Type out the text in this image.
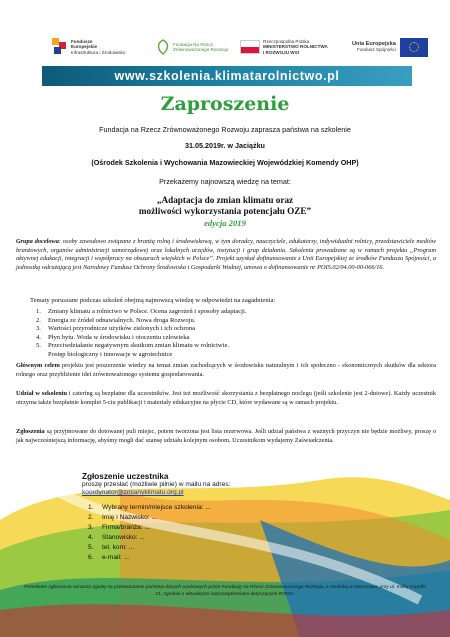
Fundusze
Europejskie
Infrastruktura i Środowisko
Fundacja Na Rzecz
Zrównoważonego Rozwoju
Rzeczpospolita Polska
MINISTERSTWO ROLNICTWA
I ROZWOJU WSI
Unia Europejska
Fundusz Spójności
www.szkolenia.klimatarolnictwo.pl
Zaproszenie
Fundacja na Rzecz Zrównoważonego Rozwoju zaprasza państwa na szkolenie
31.05.2019r. w Jaciążku
(Ośrodek Szkolenia i Wychowania Mazowieckiej Wojewódzkiej Komendy OHP)
Przekażemy najnowszą wiedzę na temat:
„Adaptacja do zmian klimatu oraz
możliwości wykorzystania potencjału OZE”
edycja 2019
Grupa docelowa: osoby zawodowo związane z branżą rolną i środowiskową, w tym doradcy, nauczyciele, edukatorzy, indywidualni rolnicy, przedstawiciele mediów branżowych, organów administracji samorządowej oraz lokalnych urzędów, instytucji i grup działania. Szkolenia prowadzone są w ramach projektu „Program aktywnej edukacji, integracji i współpracy na obszarach wiejskich w Polsce”. Projekt uzyskał dofinansowanie z Unii Europejskiej ze środków Funduszu Spójności, a jednostką wdrażającą jest Narodowy Fundusz Ochrony Środowiska i Gospodarki Wodnej, umowa o dofinansowanie nr POIS.02/04.00-00-066/16.
Tematy poruszane podczas szkoleń obejmą najnowszą wiedzę w odpowiedzi na zagadnienia:
1.	Zmiany klimatu a rolnictwo w Polsce. Ocena zagrożeń i sposoby adaptacji.
2.	Energia ze źródeł odnawialnych. Nowa droga Rozwoju.
3.	Wartości przyrodnicze użytków zielonych i ich ochrona
4.	Płyn bytu. Woda w środowisku i otoczeniu człowieka
5.	Przeciwdziałanie negatywnym skutkom zmian klimatu w rolnictwie.
Postęp biologiczny i innowacje w agrotechnice
Głównym celem projektu jest poszerzenie wiedzy na temat zmian zachodzących w środowisku naturalnym i ich społeczno - ekonomicznych skutków dla sektora rolnego oraz przybliżenie idei zrównoważonego systemu gospodarowania.
Udział w szkoleniu i catering są bezpłatne dla uczestników. Jest też możliwość skorzystania z bezpłatnego noclegu (jeśli szkolenie jest 2-dniowe). Każdy uczestnik otrzyma także bezpłatnie komplet 5-ciu publikacji i materiały edukacyjne na płycie CD, które wydawane są w ramach projektu.
Zgłoszenia są przyjmowane do dotowanej puli miejsc, potem tworzona jest lista rezerwowa. Jeśli udział państwa z ważnych przyczyn nie będzie możliwy, proszę o jak najwcześniejszą informację, abyśmy mogli dać szansę udziału kolejnym osobom. Uczestnikom wydajemy Zaświadczenia.
Zgłoszenie uczestnika
proszę przesłać (możliwie pilnie) w mailu na adres:
koordynator@zmianyklimatu.org.pl
1.	Wybrany termin/miejsce szkolenia: ...
2.	Imię i Nazwisko: ...
3.	Firma/branża: ...
4.	Stanowisko: ...
5.	tel. kom: ...
6.	e-mail: ...
Przesłanie zgłoszenia oznacza zgodę na przetwarzanie państwa danych osobowych przez Fundację na Rzecz Zrównoważonego Rozwoju, z siedzibą w Warszawie przy ul. Indiry Gandhi 21, zgodnie z aktualnymi rozporządzeniami dotyczącymi RODO.
